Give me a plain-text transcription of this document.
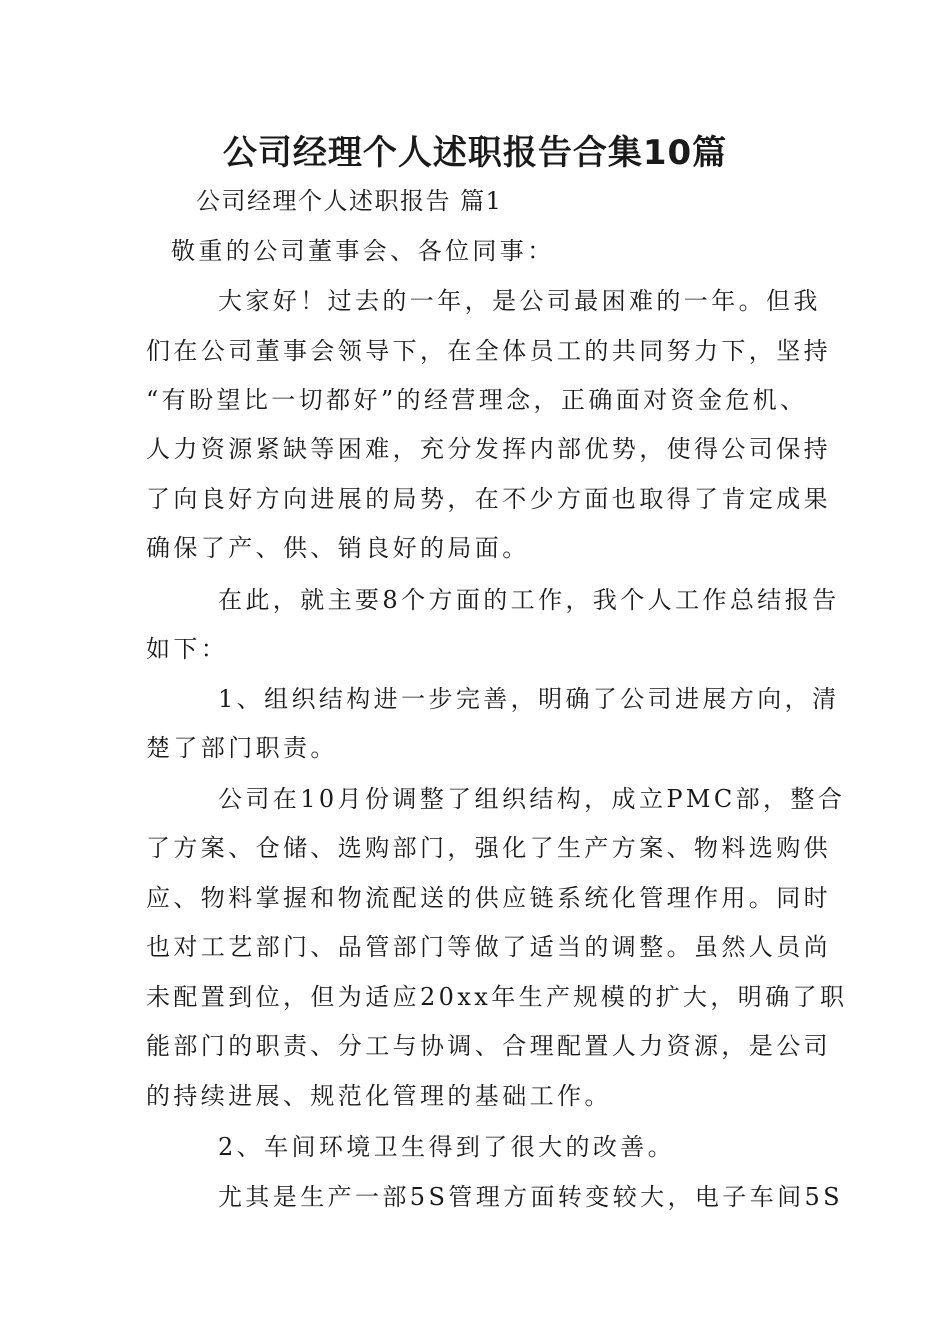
公司经理个人述职报告合集10篇

公司经理个人述职报告 篇1

敬重的公司董事会、各位同事：

大家好！过去的一年，是公司最困难的一年。但我

们在公司董事会领导下，在全体员工的共同努力下，坚持

“有盼望比一切都好”的经营理念，正确面对资金危机、

人力资源紧缺等困难，充分发挥内部优势，使得公司保持

了向良好方向进展的局势，在不少方面也取得了肯定成果

确保了产、供、销良好的局面。

在此，就主要8个方面的工作，我个人工作总结报告

如下：

1、组织结构进一步完善，明确了公司进展方向，清

楚了部门职责。

公司在10月份调整了组织结构，成立PMC部，整合

了方案、仓储、选购部门，强化了生产方案、物料选购供

应、物料掌握和物流配送的供应链系统化管理作用。同时

也对工艺部门、品管部门等做了适当的调整。虽然人员尚

未配置到位，但为适应20xx年生产规模的扩大，明确了职

能部门的职责、分工与协调、合理配置人力资源，是公司

的持续进展、规范化管理的基础工作。

2、车间环境卫生得到了很大的改善。

尤其是生产一部5S管理方面转变较大，电子车间5S
